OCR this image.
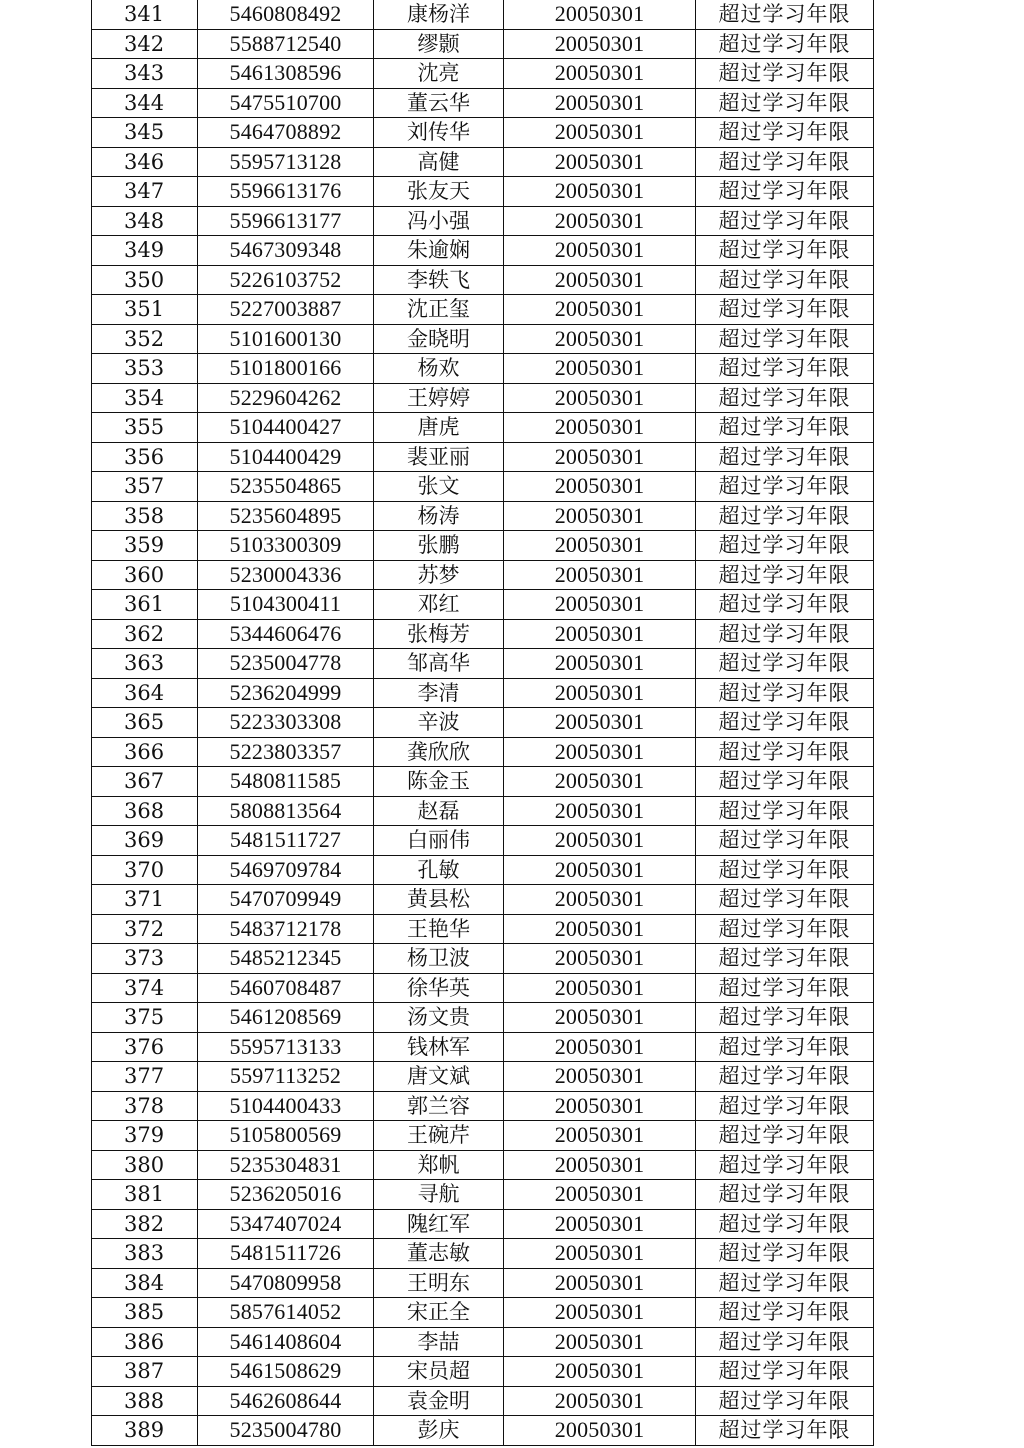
341	5460808492	康杨洋	20050301	超过学习年限
342	5588712540	缪颢	20050301	超过学习年限
343	5461308596	沈亮	20050301	超过学习年限
344	5475510700	董云华	20050301	超过学习年限
345	5464708892	刘传华	20050301	超过学习年限
346	5595713128	高健	20050301	超过学习年限
347	5596613176	张友天	20050301	超过学习年限
348	5596613177	冯小强	20050301	超过学习年限
349	5467309348	朱逾娴	20050301	超过学习年限
350	5226103752	李轶飞	20050301	超过学习年限
351	5227003887	沈正玺	20050301	超过学习年限
352	5101600130	金晓明	20050301	超过学习年限
353	5101800166	杨欢	20050301	超过学习年限
354	5229604262	王婷婷	20050301	超过学习年限
355	5104400427	唐虎	20050301	超过学习年限
356	5104400429	裴亚丽	20050301	超过学习年限
357	5235504865	张文	20050301	超过学习年限
358	5235604895	杨涛	20050301	超过学习年限
359	5103300309	张鹏	20050301	超过学习年限
360	5230004336	苏梦	20050301	超过学习年限
361	5104300411	邓红	20050301	超过学习年限
362	5344606476	张梅芳	20050301	超过学习年限
363	5235004778	邹高华	20050301	超过学习年限
364	5236204999	李清	20050301	超过学习年限
365	5223303308	辛波	20050301	超过学习年限
366	5223803357	龚欣欣	20050301	超过学习年限
367	5480811585	陈金玉	20050301	超过学习年限
368	5808813564	赵磊	20050301	超过学习年限
369	5481511727	白丽伟	20050301	超过学习年限
370	5469709784	孔敏	20050301	超过学习年限
371	5470709949	黄县松	20050301	超过学习年限
372	5483712178	王艳华	20050301	超过学习年限
373	5485212345	杨卫波	20050301	超过学习年限
374	5460708487	徐华英	20050301	超过学习年限
375	5461208569	汤文贵	20050301	超过学习年限
376	5595713133	钱林军	20050301	超过学习年限
377	5597113252	唐文斌	20050301	超过学习年限
378	5104400433	郭兰容	20050301	超过学习年限
379	5105800569	王碗芹	20050301	超过学习年限
380	5235304831	郑帆	20050301	超过学习年限
381	5236205016	寻航	20050301	超过学习年限
382	5347407024	隗红军	20050301	超过学习年限
383	5481511726	董志敏	20050301	超过学习年限
384	5470809958	王明东	20050301	超过学习年限
385	5857614052	宋正全	20050301	超过学习年限
386	5461408604	李喆	20050301	超过学习年限
387	5461508629	宋员超	20050301	超过学习年限
388	5462608644	袁金明	20050301	超过学习年限
389	5235004780	彭庆	20050301	超过学习年限
